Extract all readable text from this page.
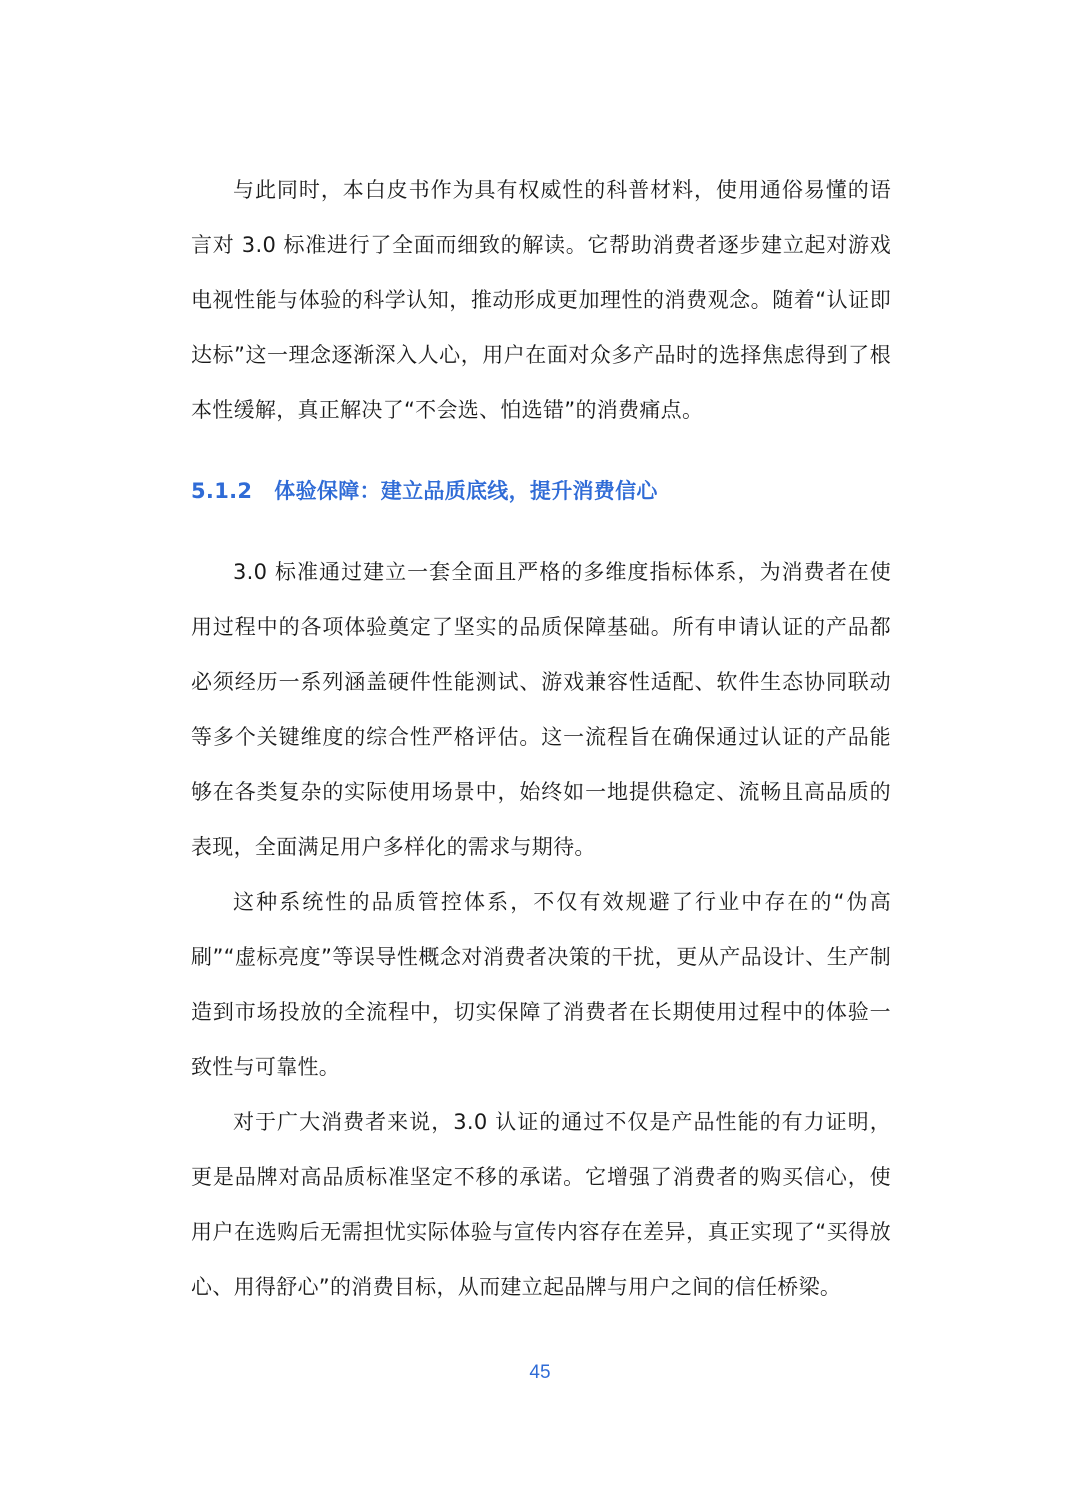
与此同时，本白皮书作为具有权威性的科普材料，使用通俗易懂的语言对 3.0 标准进行了全面而细致的解读。它帮助消费者逐步建立起对游戏电视性能与体验的科学认知，推动形成更加理性的消费观念。随着“认证即达标”这一理念逐渐深入人心，用户在面对众多产品时的选择焦虑得到了根本性缓解，真正解决了“不会选、怕选错”的消费痛点。

5.1.2 体验保障：建立品质底线，提升消费信心

3.0 标准通过建立一套全面且严格的多维度指标体系，为消费者在使用过程中的各项体验奠定了坚实的品质保障基础。所有申请认证的产品都必须经历一系列涵盖硬件性能测试、游戏兼容性适配、软件生态协同联动等多个关键维度的综合性严格评估。这一流程旨在确保通过认证的产品能够在各类复杂的实际使用场景中，始终如一地提供稳定、流畅且高品质的表现，全面满足用户多样化的需求与期待。

这种系统性的品质管控体系，不仅有效规避了行业中存在的“伪高刷”“虚标亮度”等误导性概念对消费者决策的干扰，更从产品设计、生产制造到市场投放的全流程中，切实保障了消费者在长期使用过程中的体验一致性与可靠性。

对于广大消费者来说，3.0 认证的通过不仅是产品性能的有力证明，更是品牌对高品质标准坚定不移的承诺。它增强了消费者的购买信心，使用户在选购后无需担忧实际体验与宣传内容存在差异，真正实现了“买得放心、用得舒心”的消费目标，从而建立起品牌与用户之间的信任桥梁。

45
